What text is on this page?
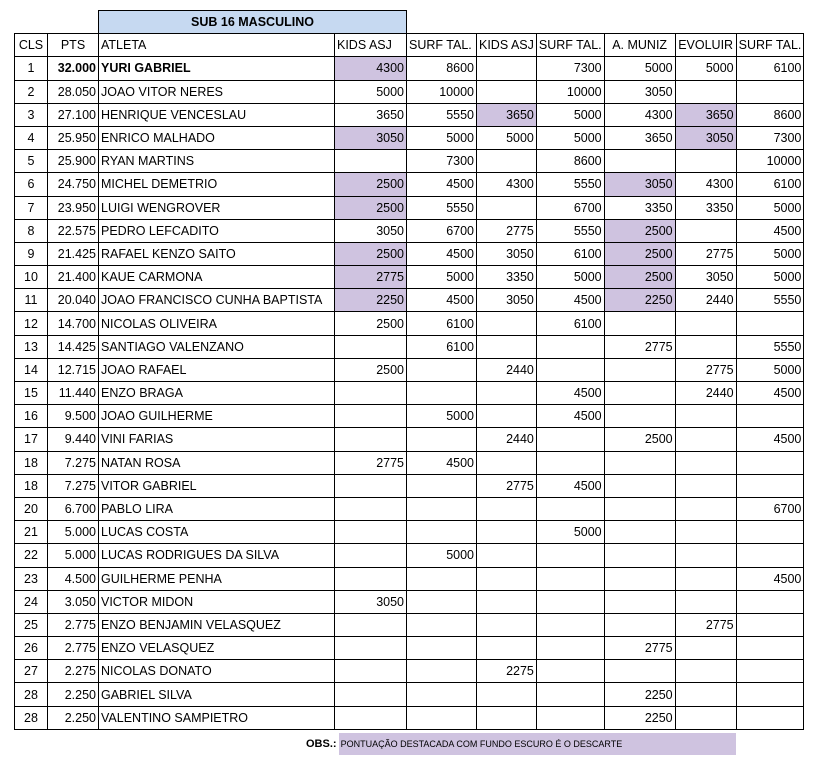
		SUB 16 MASCULINO							
CLS	PTS	ATLETA	KIDS ASJ	SURF TAL.	KIDS ASJ	SURF TAL.	A. MUNIZ	EVOLUIR	SURF TAL.
1	32.000	YURI GABRIEL	4300	8600		7300	5000	5000	6100
2	28.050	JOAO VITOR NERES	5000	10000		10000	3050		
3	27.100	HENRIQUE VENCESLAU	3650	5550	3650	5000	4300	3650	8600
4	25.950	ENRICO MALHADO	3050	5000	5000	5000	3650	3050	7300
5	25.900	RYAN MARTINS		7300		8600			10000
6	24.750	MICHEL DEMETRIO	2500	4500	4300	5550	3050	4300	6100
7	23.950	LUIGI WENGROVER	2500	5550		6700	3350	3350	5000
8	22.575	PEDRO LEFCADITO	3050	6700	2775	5550	2500		4500
9	21.425	RAFAEL KENZO SAITO	2500	4500	3050	6100	2500	2775	5000
10	21.400	KAUE CARMONA	2775	5000	3350	5000	2500	3050	5000
11	20.040	JOAO FRANCISCO CUNHA BAPTISTA	2250	4500	3050	4500	2250	2440	5550
12	14.700	NICOLAS OLIVEIRA	2500	6100		6100			
13	14.425	SANTIAGO VALENZANO		6100			2775		5550
14	12.715	JOAO RAFAEL	2500		2440			2775	5000
15	11.440	ENZO BRAGA				4500		2440	4500
16	9.500	JOAO GUILHERME		5000		4500			
17	9.440	VINI FARIAS			2440		2500		4500
18	7.275	NATAN ROSA	2775	4500					
18	7.275	VITOR GABRIEL			2775	4500			
20	6.700	PABLO LIRA							6700
21	5.000	LUCAS COSTA				5000			
22	5.000	LUCAS RODRIGUES DA SILVA		5000					
23	4.500	GUILHERME PENHA							4500
24	3.050	VICTOR MIDON	3050						
25	2.775	ENZO BENJAMIN VELASQUEZ						2775	
26	2.775	ENZO VELASQUEZ					2775		
27	2.275	NICOLAS DONATO			2275				
28	2.250	GABRIEL SILVA					2250		
28	2.250	VALENTINO SAMPIETRO					2250		
OBS.: PONTUAÇÃO DESTACADA COM FUNDO ESCURO É O DESCARTE
